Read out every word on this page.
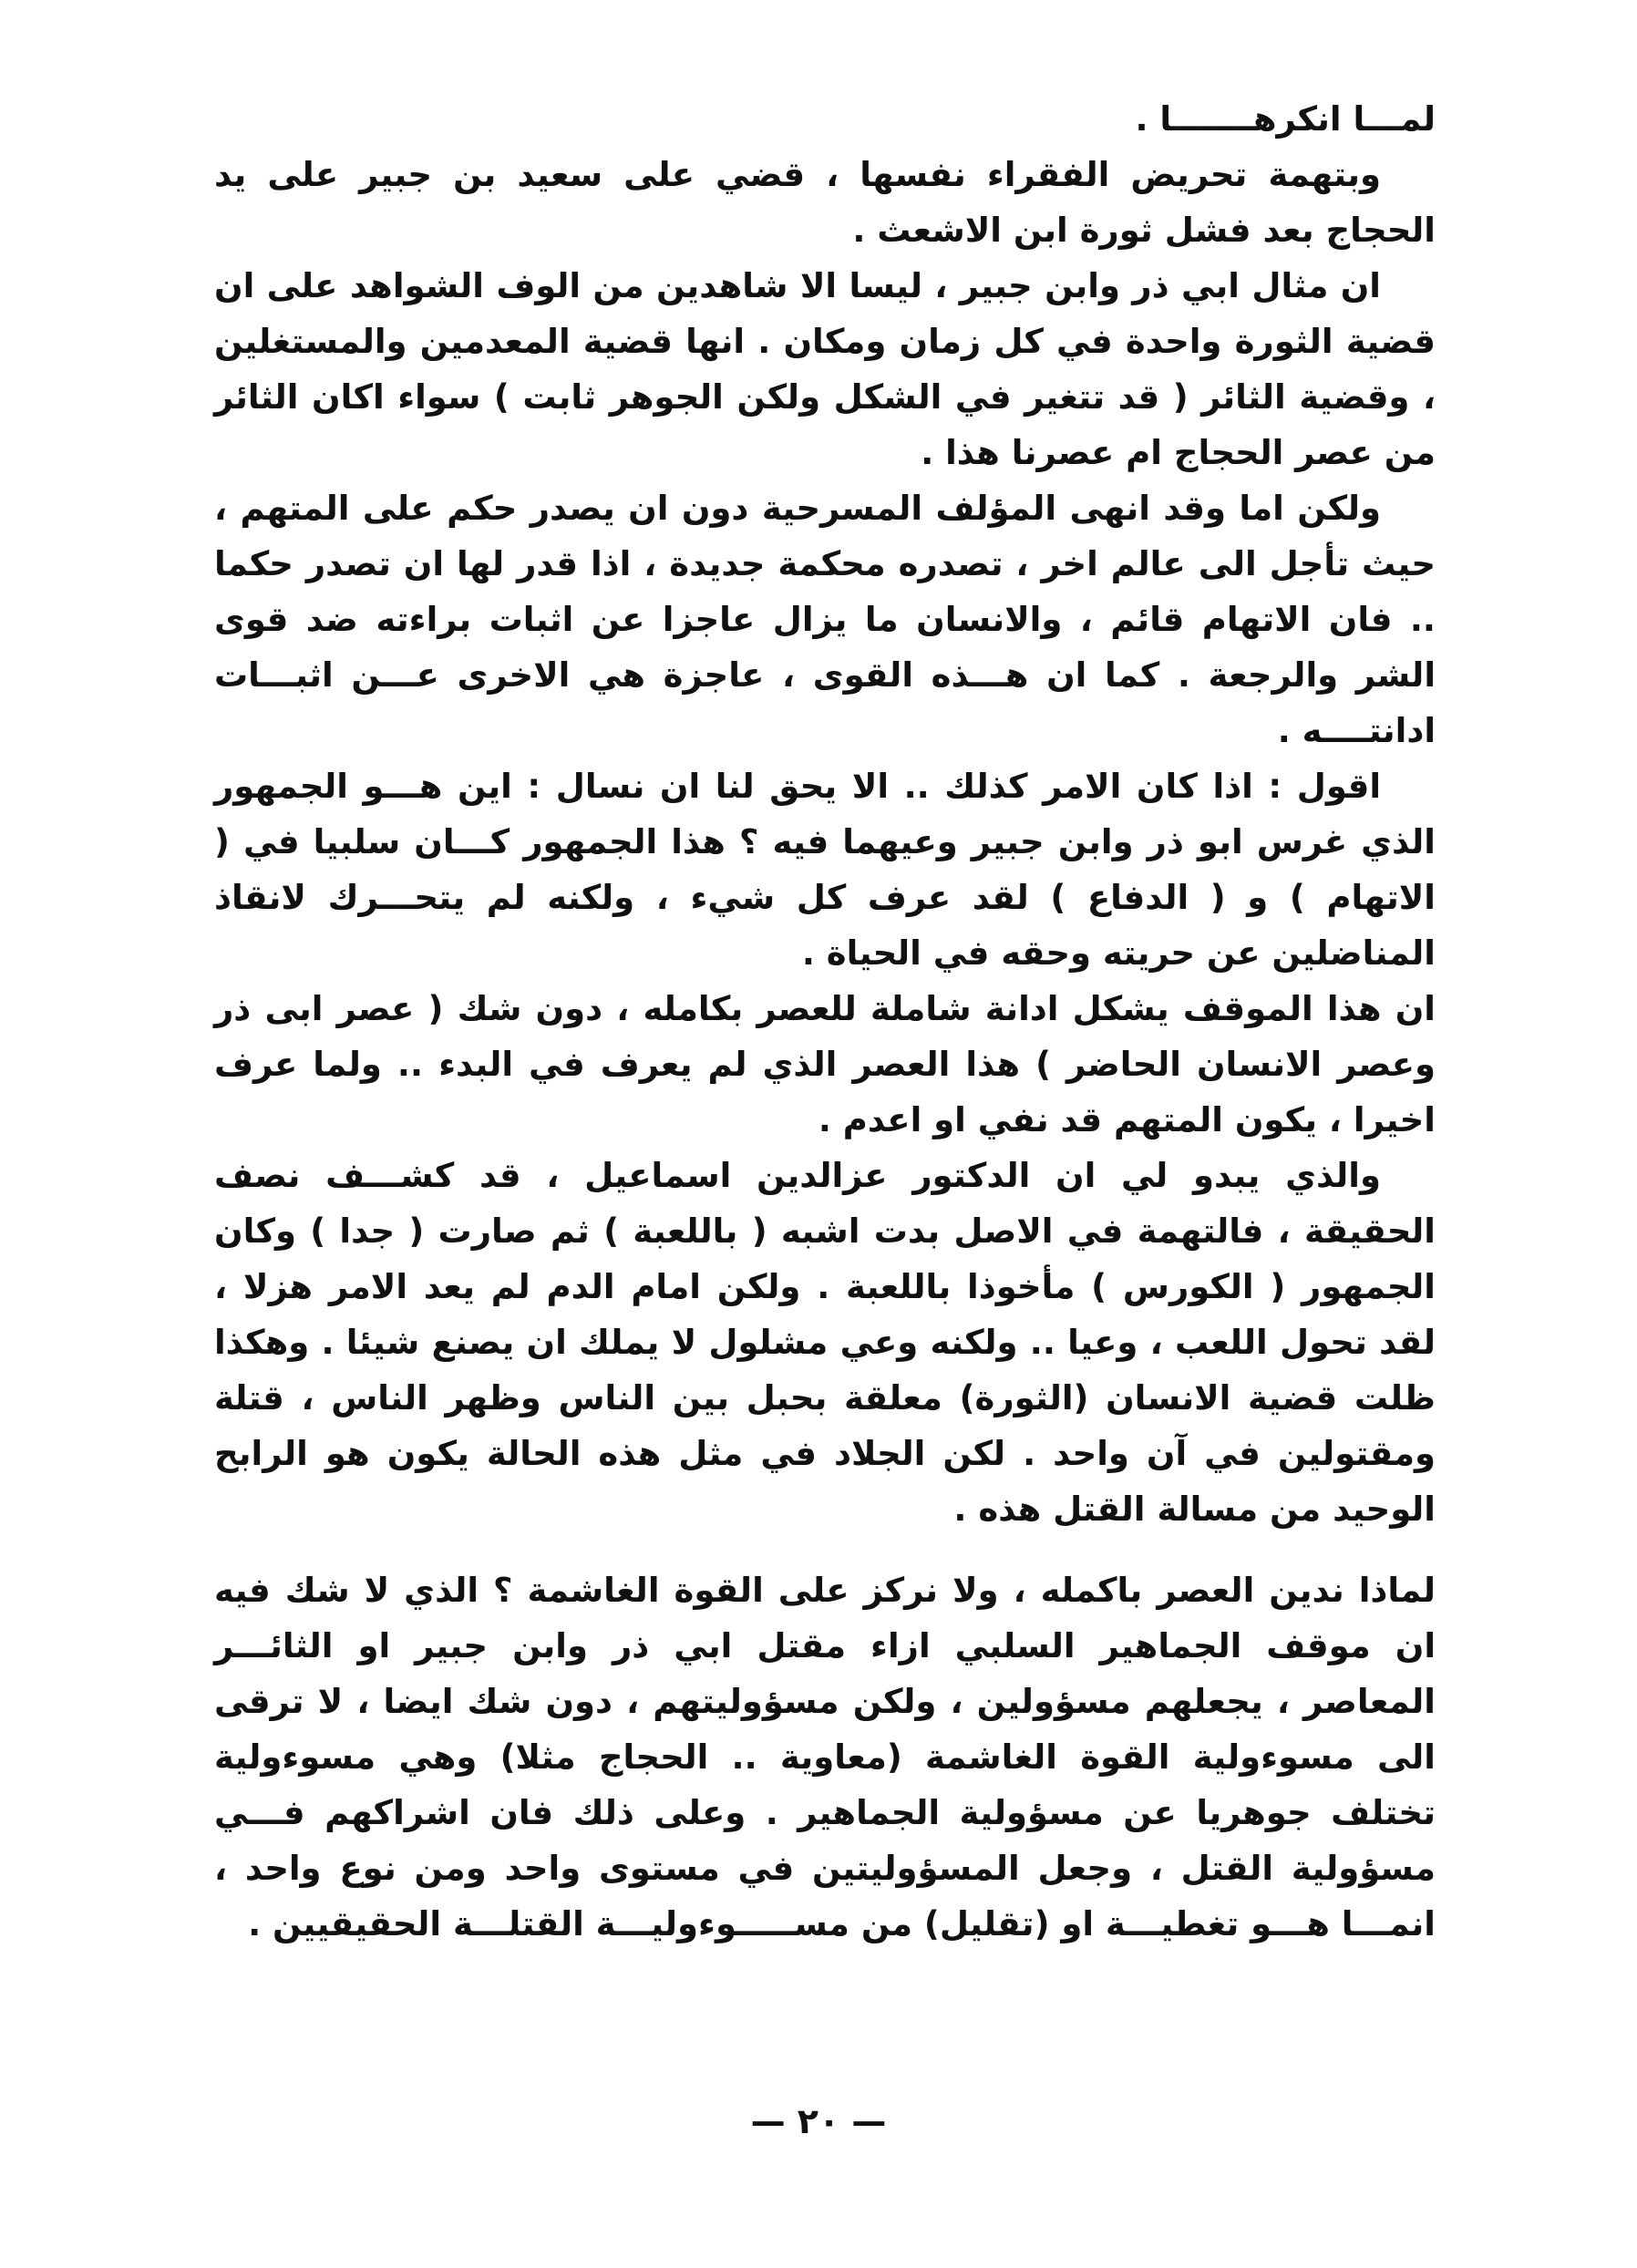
لمـــا انكرهـــــــا .

وبتهمة تحريض الفقراء نفسها ، قضي على سعيد بن جبير على يد الحجاج بعد فشل ثورة ابن الاشعث .

ان مثال ابي ذر وابن جبير ، ليسا الا شاهدين من الوف الشواهد على ان قضية الثورة واحدة في كل زمان ومكان . انها قضية المعدمين والمستغلين ، وقضية الثائر ( قد تتغير في الشكل ولكن الجوهر ثابت ) سواء اكان الثائر من عصر الحجاج ام عصرنا هذا .

ولكن اما وقد انهى المؤلف المسرحية دون ان يصدر حكم على المتهم ، حيث تأجل الى عالم اخر ، تصدره محكمة جديدة ، اذا قدر لها ان تصدر حكما .. فان الاتهام قائم ، والانسان ما يزال عاجزا عن اثبات براءته ضد قوى الشر والرجعة . كما ان هـــذه القوى ، عاجزة هي الاخرى عـــن اثبـــات ادانتــــه .

اقول : اذا كان الامر كذلك .. الا يحق لنا ان نسال : اين هـــو الجمهور الذي غرس ابو ذر وابن جبير وعيهما فيه ؟ هذا الجمهور كـــان سلبيا في ( الاتهام ) و ( الدفاع ) لقد عرف كل شيء ، ولكنه لم يتحـــرك لانقاذ المناضلين عن حريته وحقه في الحياة .

ان هذا الموقف يشكل ادانة شاملة للعصر بكامله ، دون شك ( عصر ابى ذر وعصر الانسان الحاضر ) هذا العصر الذي لم يعرف في البدء .. ولما عرف اخيرا ، يكون المتهم قد نفي او اعدم .

والذي يبدو لي ان الدكتور عزالدين اسماعيل ، قد كشـــف نصف الحقيقة ، فالتهمة في الاصل بدت اشبه ( باللعبة ) ثم صارت ( جدا ) وكان الجمهور ( الكورس ) مأخوذا باللعبة . ولكن امام الدم لم يعد الامر هزلا ، لقد تحول اللعب ، وعيا .. ولكنه وعي مشلول لا يملك ان يصنع شيئا . وهكذا ظلت قضية الانسان (الثورة) معلقة بحبل بين الناس وظهر الناس ، قتلة ومقتولين في آن واحد . لكن الجلاد في مثل هذه الحالة يكون هو الرابح الوحيد من مسالة القتل هذه .

لماذا ندين العصر باكمله ، ولا نركز على القوة الغاشمة ؟ الذي لا شك فيه ان موقف الجماهير السلبي ازاء مقتل ابي ذر وابن جبير او الثائـــر المعاصر ، يجعلهم مسؤولين ، ولكن مسؤوليتهم ، دون شك ايضا ، لا ترقى الى مسوءولية القوة الغاشمة (معاوية .. الحجاج مثلا) وهي مسوءولية تختلف جوهريا عن مسؤولية الجماهير . وعلى ذلك فان اشراكهم فـــي مسؤولية القتل ، وجعل المسؤوليتين في مستوى واحد ومن نوع واحد ، انمـــا هـــو تغطيـــة او (تقليل) من مســـــوءوليـــة القتلـــة الحقيقيين .

— ٢٠ —
